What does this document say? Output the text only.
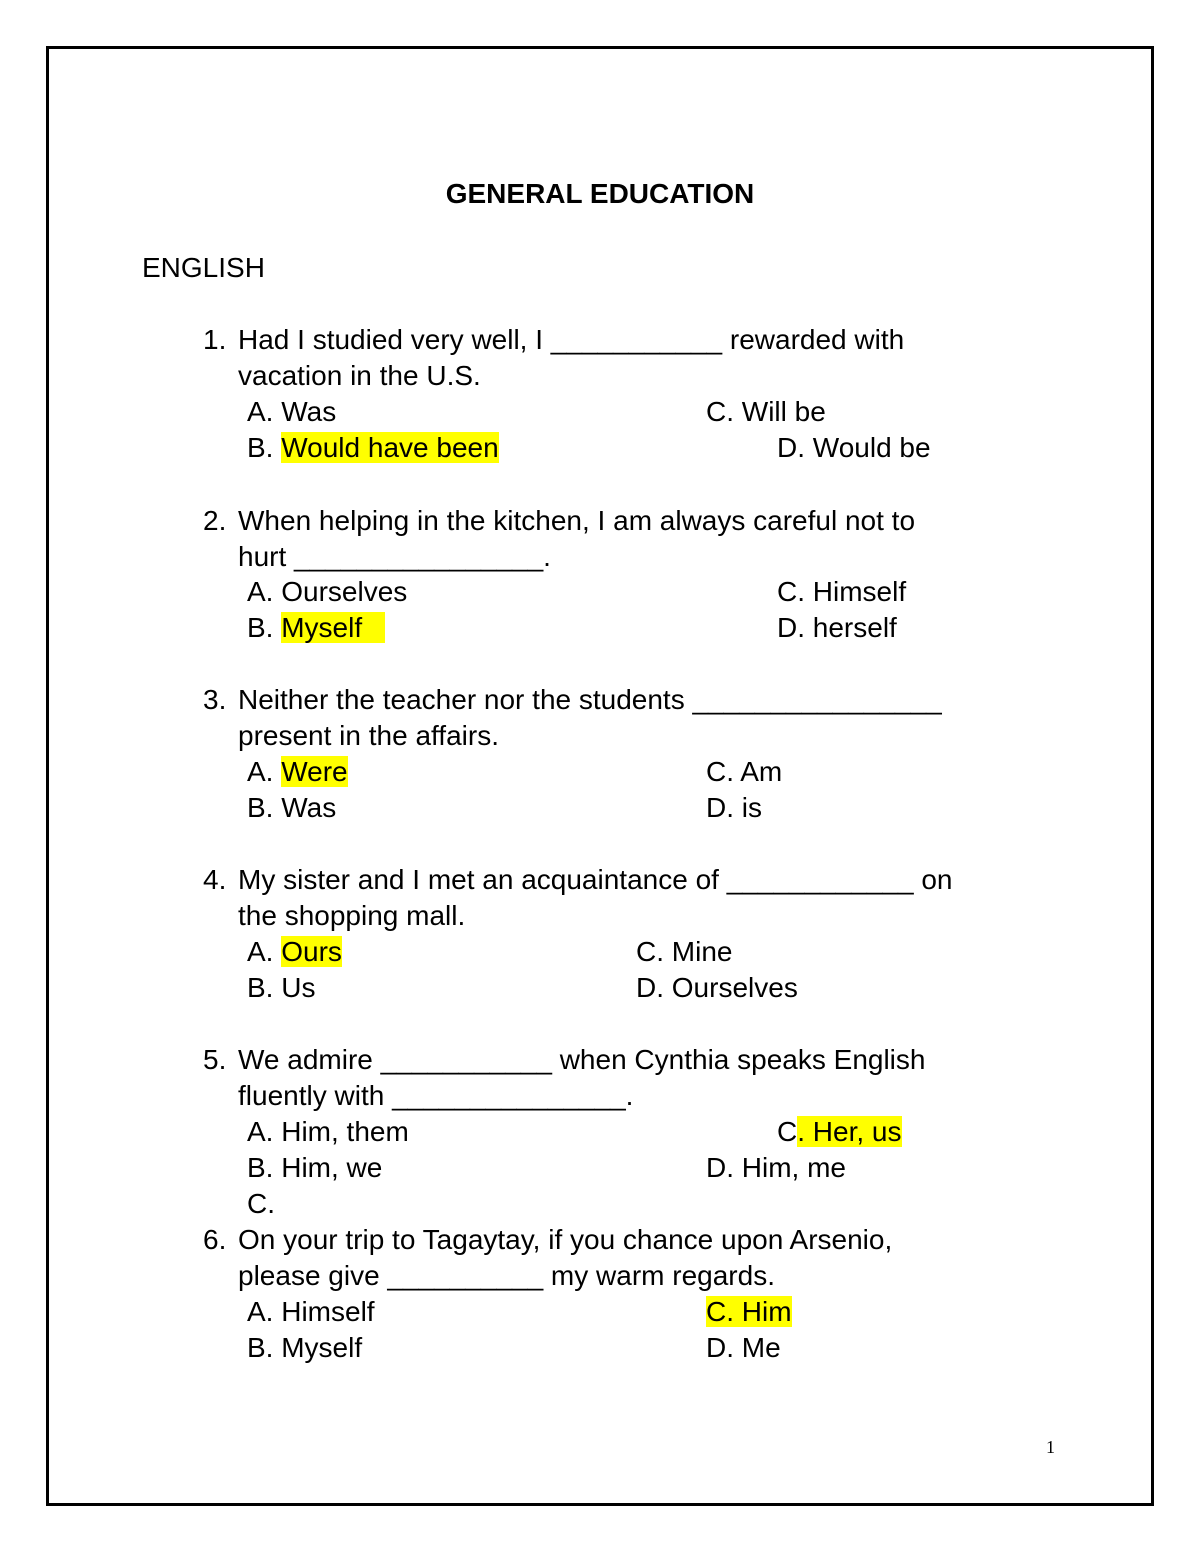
GENERAL EDUCATION
ENGLISH
1. Had I studied very well, I ___________ rewarded with
vacation in the U.S.
A. Was	C. Will be
B. Would have been	D. Would be
2. When helping in the kitchen, I am always careful not to
hurt ________________.
A. Ourselves	C. Himself
B. Myself	D. herself
3. Neither the teacher nor the students ________________
present in the affairs.
A. Were	C. Am
B. Was	D. is
4. My sister and I met an acquaintance of ____________ on
the shopping mall.
A. Ours	C. Mine
B. Us	D. Ourselves
5. We admire ___________ when Cynthia speaks English
fluently with _______________.
A. Him, them	C. Her, us
B. Him, we	D. Him, me
C.
6. On your trip to Tagaytay, if you chance upon Arsenio,
please give __________ my warm regards.
A. Himself	C. Him
B. Myself	D. Me
1
